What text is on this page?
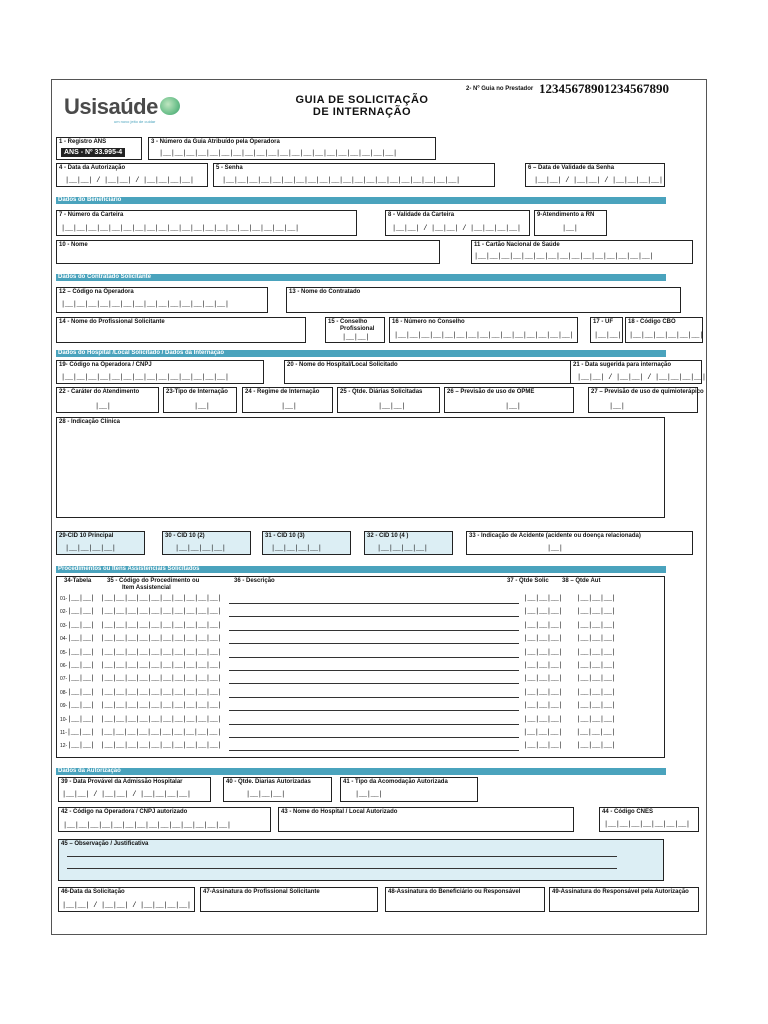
Usisaúde
um novo jeito de cuidar
GUIA DE SOLICITAÇÃO
DE INTERNAÇÃO
2- Nº Guia no Prestador 12345678901234567890
1 - Registro ANS
ANS - Nº 33.995-4
3 - Número da Guia Atribuído pela Operadora
|__|__|__|__|__|__|__|__|__|__|__|__|__|__|__|__|__|__|__|__|
4 - Data da Autorização
|__|__| / |__|__| / |__|__|__|__|
5 - Senha
|__|__|__|__|__|__|__|__|__|__|__|__|__|__|__|__|__|__|__|__|
6 – Data de Validade da Senha
|__|__| / |__|__| / |__|__|__|__|
Dados do Beneficiário
7 - Número da Carteira
|__|__|__|__|__|__|__|__|__|__|__|__|__|__|__|__|__|__|__|__|
8 - Validade da Carteira
|__|__| / |__|__| / |__|__|__|__|
9-Atendimento a RN
|__|
10 - Nome	11 - Cartão Nacional de Saúde
|__|__|__|__|__|__|__|__|__|__|__|__|__|__|__|
Dados do Contratado Solicitante
12 – Código na Operadora
|__|__|__|__|__|__|__|__|__|__|__|__|__|__|
13 - Nome do Contratado
14 - Nome do Profissional Solicitante	15 - Conselho
Profissional
|__|__|
16 - Número no Conselho
|__|__|__|__|__|__|__|__|__|__|__|__|__|__|__|
17 - UF
|__|__|
18 - Código CBO
|__|__|__|__|__|__|
Dados do Hospital /Local Solicitado / Dados da Internação
19- Código na Operadora / CNPJ
|__|__|__|__|__|__|__|__|__|__|__|__|__|__|
20 - Nome do Hospital/Local Solicitado	21 - Data sugerida para internação
|__|__| / |__|__| / |__|__|__|__|
22 - Caráter do Atendimento
|__|
23-Tipo de Internação
|__|
24 - Regime de Internação
|__|
25 - Qtde. Diárias Solicitadas
|__|__|
26 – Previsão de uso de OPME
|__|
27 – Previsão de uso de quimioterápico
|__|
28 - Indicação Clínica
29-CID 10 Principal
|__|__|__|__|
30 - CID 10 (2)
|__|__|__|__|
31 - CID 10 (3)
|__|__|__|__|
32 - CID 10 (4 )
|__|__|__|__|
33 - Indicação de Acidente (acidente ou doença relacionada)
|__|
Procedimentos ou Itens Assistenciais Solicitados
34-Tabela	35 - Código do Procedimento ou
Item Assistencial
36 - Descrição	37 - Qtde Solic 38 – Qtde Aut
01-|__|__| |__|__|__|__|__|__|__|__|__|__|	|__|__|__| |__|__|__|
02-|__|__| |__|__|__|__|__|__|__|__|__|__|	|__|__|__| |__|__|__|
03-|__|__| |__|__|__|__|__|__|__|__|__|__|	|__|__|__| |__|__|__|
04-|__|__| |__|__|__|__|__|__|__|__|__|__|	|__|__|__| |__|__|__|
05-|__|__| |__|__|__|__|__|__|__|__|__|__|	|__|__|__| |__|__|__|
06-|__|__| |__|__|__|__|__|__|__|__|__|__|	|__|__|__| |__|__|__|
07-|__|__| |__|__|__|__|__|__|__|__|__|__|	|__|__|__| |__|__|__|
08-|__|__| |__|__|__|__|__|__|__|__|__|__|	|__|__|__| |__|__|__|
09-|__|__| |__|__|__|__|__|__|__|__|__|__|	|__|__|__| |__|__|__|
10-|__|__| |__|__|__|__|__|__|__|__|__|__|	|__|__|__| |__|__|__|
11-|__|__| |__|__|__|__|__|__|__|__|__|__|	|__|__|__| |__|__|__|
12-|__|__| |__|__|__|__|__|__|__|__|__|__|	|__|__|__| |__|__|__|
Dados da Autorização
39 - Data Provável da Admissão Hospitalar
|__|__| / |__|__| / |__|__|__|__|
40 - Qtde. Diarias Autorizadas
|__|__|__|
41 - Tipo da Acomodação Autorizada
|__|__|
42 - Código na Operadora / CNPJ autorizado
|__|__|__|__|__|__|__|__|__|__|__|__|__|__|
43 - Nome do Hospital / Local Autorizado	44 - Código CNES
|__|__|__|__|__|__|__|
45 – Observação / Justificativa
46-Data da Solicitação
|__|__| / |__|__| / |__|__|__|__|
47-Assinatura do Profissional Solicitante	48-Assinatura do Beneficiário ou Responsável	49-Assinatura do Responsável pela Autorização
